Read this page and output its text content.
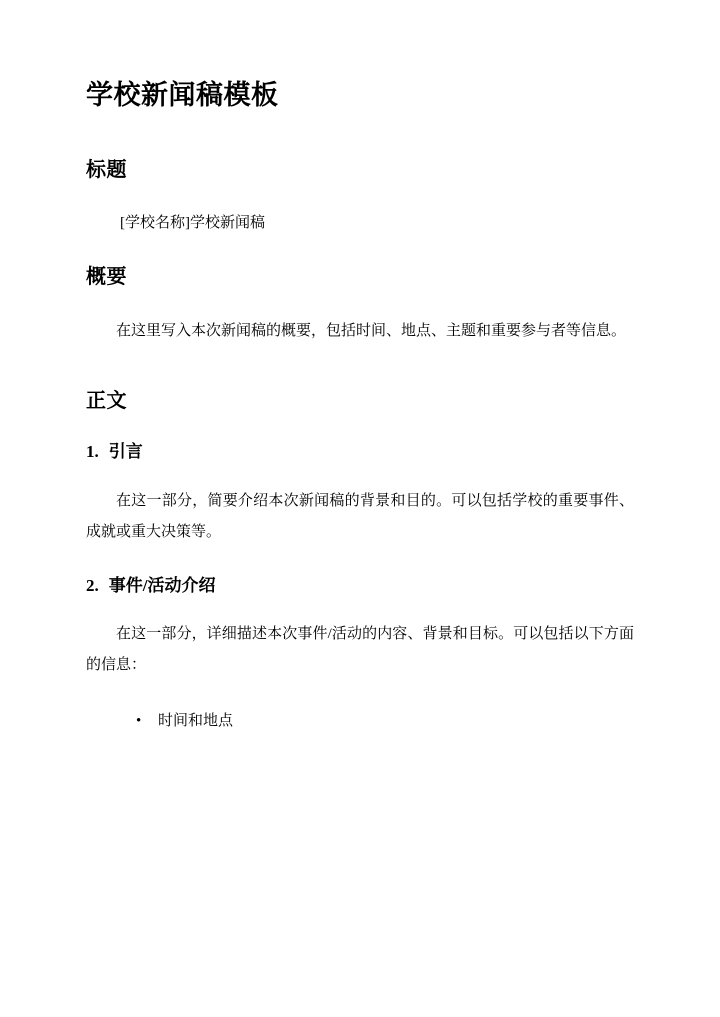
学校新闻稿模板
标题

[学校名称]学校新闻稿

概要

在这里写入本次新闻稿的概要，包括时间、地点、主题和重要参与者等信息。

正文
1. 引言

在这一部分，简要介绍本次新闻稿的背景和目的。可以包括学校的重要事件、成就或重大决策等。

2. 事件/活动介绍

在这一部分，详细描述本次事件/活动的内容、背景和目标。可以包括以下方面的信息：

• 时间和地点
